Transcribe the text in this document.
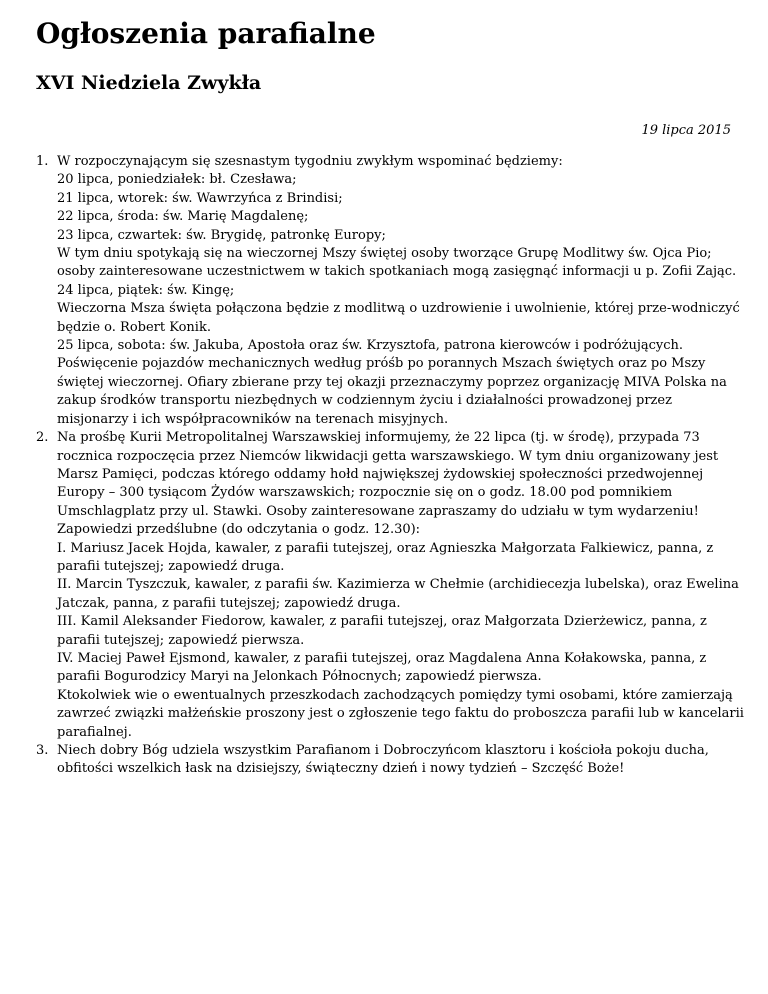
Ogłoszenia parafialne
XVI Niedziela Zwykła
19 lipca 2015
1. W rozpoczynającym się szesnastym tygodniu zwykłym wspominać będziemy:
20 lipca, poniedziałek: bł. Czesława;
21 lipca, wtorek: św. Wawrzyńca z Brindisi;
22 lipca, środa: św. Marię Magdalenę;
23 lipca, czwartek: św. Brygidę, patronkę Europy;
W tym dniu spotykają się na wieczornej Mszy świętej osoby tworzące Grupę Modlitwy św. Ojca Pio;
osoby zainteresowane uczestnictwem w takich spotkaniach mogą zasięgnąć informacji u p. Zofii Zając.
24 lipca, piątek: św. Kingę;
Wieczorna Msza święta połączona będzie z modlitwą o uzdrowienie i uwolnienie, której prze-wodniczyć
będzie o. Robert Konik.
25 lipca, sobota: św. Jakuba, Apostoła oraz św. Krzysztofa, patrona kierowców i podróżujących.
Poświęcenie pojazdów mechanicznych według próśb po porannych Mszach świętych oraz po Mszy
świętej wieczornej. Ofiary zbierane przy tej okazji przeznaczymy poprzez organizację MIVA Polska na
zakup środków transportu niezbędnych w codziennym życiu i działalności prowadzonej przez
misjonarzy i ich współpracowników na terenach misyjnych.
2. Na prośbę Kurii Metropolitalnej Warszawskiej informujemy, że 22 lipca (tj. w środę), przypada 73
rocznica rozpoczęcia przez Niemców likwidacji getta warszawskiego. W tym dniu organizowany jest
Marsz Pamięci, podczas którego oddamy hołd największej żydowskiej społeczności przedwojennej
Europy – 300 tysiącom Żydów warszawskich; rozpocznie się on o godz. 18.00 pod pomnikiem
Umschlagplatz przy ul. Stawki. Osoby zainteresowane zapraszamy do udziału w tym wydarzeniu!
Zapowiedzi przedślubne (do odczytania o godz. 12.30):
I. Mariusz Jacek Hojda, kawaler, z parafii tutejszej, oraz Agnieszka Małgorzata Falkiewicz, panna, z
parafii tutejszej; zapowiedź druga.
II. Marcin Tyszczuk, kawaler, z parafii św. Kazimierza w Chełmie (archidiecezja lubelska), oraz Ewelina
Jatczak, panna, z parafii tutejszej; zapowiedź druga.
III. Kamil Aleksander Fiedorow, kawaler, z parafii tutejszej, oraz Małgorzata Dzierżewicz, panna, z
parafii tutejszej; zapowiedź pierwsza.
IV. Maciej Paweł Ejsmond, kawaler, z parafii tutejszej, oraz Magdalena Anna Kołakowska, panna, z
parafii Bogurodzicy Maryi na Jelonkach Północnych; zapowiedź pierwsza.
Ktokolwiek wie o ewentualnych przeszkodach zachodzących pomiędzy tymi osobami, które zamierzają
zawrzeć związki małżeńskie proszony jest o zgłoszenie tego faktu do proboszcza parafii lub w kancelarii
parafialnej.
3. Niech dobry Bóg udziela wszystkim Parafianom i Dobroczyńcom klasztoru i kościoła pokoju ducha,
obfitości wszelkich łask na dzisiejszy, świąteczny dzień i nowy tydzień – Szczęść Boże!
